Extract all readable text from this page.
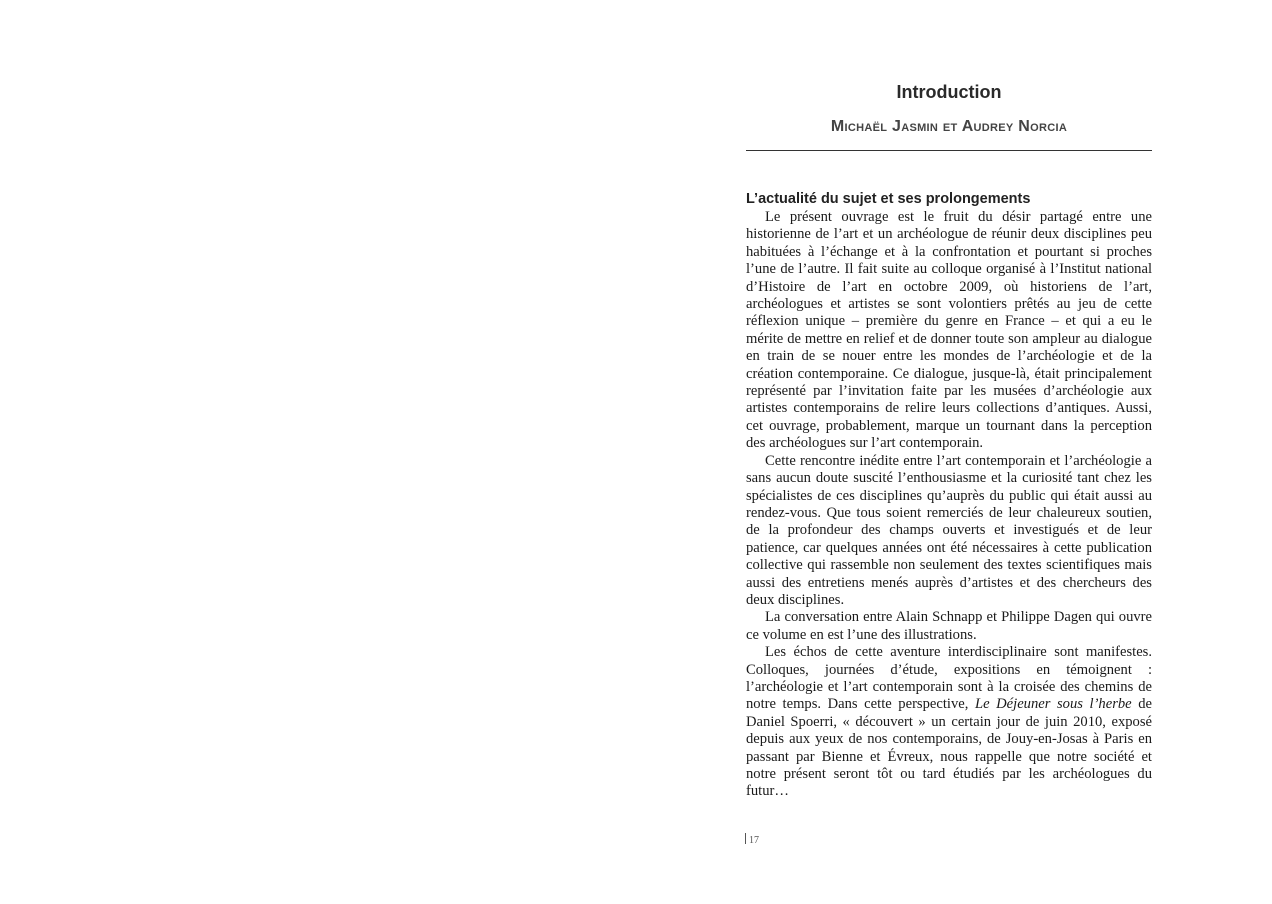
Introduction
Michaël Jasmin et Audrey Norcia
L’actualité du sujet et ses prolongements

Le présent ouvrage est le fruit du désir partagé entre une historienne de l’art et un archéologue de réunir deux disciplines peu habituées à l’échange et à la confrontation et pourtant si proches l’une de l’autre. Il fait suite au colloque organisé à l’Institut national d’Histoire de l’art en octobre 2009, où historiens de l’art, archéologues et artistes se sont volontiers prêtés au jeu de cette réflexion unique – première du genre en France – et qui a eu le mérite de mettre en relief et de donner toute son ampleur au dialogue en train de se nouer entre les mondes de l’archéologie et de la création contemporaine. Ce dialogue, jusque-là, était principalement représenté par l’invitation faite par les musées d’archéologie aux artistes contemporains de relire leurs collections d’antiques. Aussi, cet ouvrage, probablement, marque un tournant dans la perception des archéologues sur l’art contemporain.

Cette rencontre inédite entre l’art contemporain et l’archéologie a sans aucun doute suscité l’enthousiasme et la curiosité tant chez les spécialistes de ces disciplines qu’auprès du public qui était aussi au rendez-vous. Que tous soient remerciés de leur chaleureux soutien, de la profondeur des champs ouverts et investigués et de leur patience, car quelques années ont été nécessaires à cette publication collective qui rassemble non seulement des textes scientifiques mais aussi des entretiens menés auprès d’artistes et des chercheurs des deux disciplines.

La conversation entre Alain Schnapp et Philippe Dagen qui ouvre ce volume en est l’une des illustrations.

Les échos de cette aventure interdisciplinaire sont manifestes. Colloques, journées d’étude, expositions en témoignent : l’archéologie et l’art contemporain sont à la croisée des chemins de notre temps. Dans cette perspective, Le Déjeuner sous l’herbe de Daniel Spoerri, « découvert » un certain jour de juin 2010, exposé depuis aux yeux de nos contemporains, de Jouy-en-Josas à Paris en passant par Bienne et Évreux, nous rappelle que notre société et notre présent seront tôt ou tard étudiés par les archéologues du futur…

17
